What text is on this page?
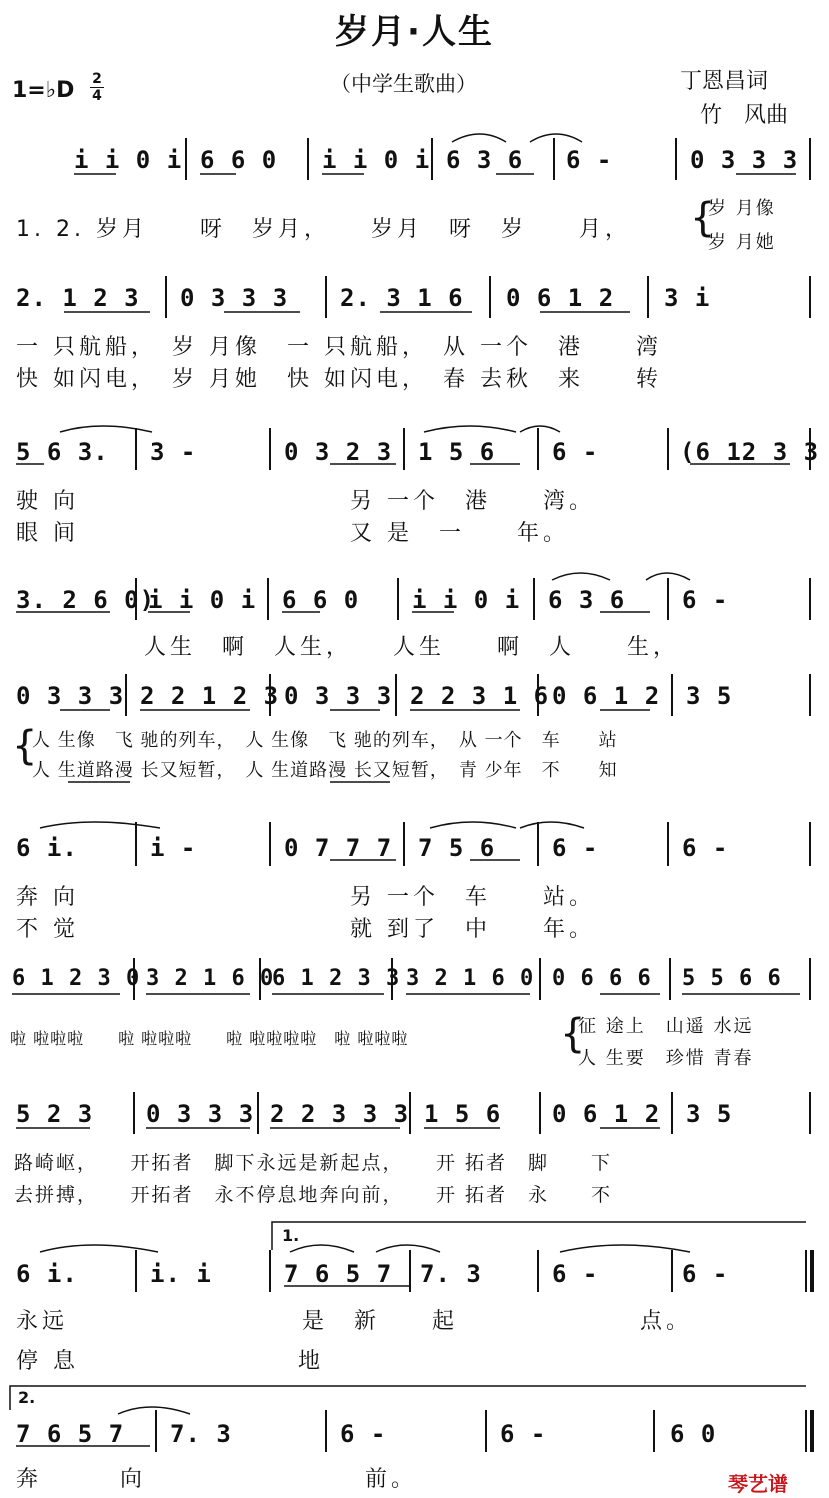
岁月·人生
1=♭D 2
4	（中学生歌曲）	丁恩昌词
竹　风曲
i i 0 i 6 6 0 i i 0 i 6 3 6 6 -	0 3 3 3
1. 2. 岁月　　呀　岁月，　　岁月　呀　岁　　月，
岁 月像
岁 月她
{
2. 1 2 3 0 3 3 3 2. 3 1 6 0 6 1 2 3 i
一 只航船，　岁 月像　一 只航船，　从 一个　港　　湾
快 如闪电，　岁 月她　快 如闪电，　春 去秋　来　　转
5 6 3. 3 -	0 3 2 3 1 5 6 6 -	(6 12 3 3
驶 向　　　　　　　　　　 另 一个　港　　湾。
眼 间　　　　　　　　　　 又 是　一　　年。
3. 2 6 0)
i i 0 i 6 6 0 i i 0 i 6 3 6 6 -
人生　啊　人生，　　人生　　啊　人　　生，
0 3 3 3 2 2 1 2 3 0 3 3 3 2 2 3 1 6 0 6 1 2 3 5
人 生像　飞 驰的列车，　人 生像　飞 驰的列车，　从 一个　车　　站
人 生道路漫 长又短暂，　人 生道路漫 长又短暂，　青 少年　不　　知
{
6 i.	i -	0 7 7 7 7 5 6 6 -	6 -
奔 向　　　　　　　　　　 另 一个　车　　站。
不 觉　　　　　　　　　　 就 到了　中　　年。
6 1 2 3 0 3 2 1 6 0
6 1 2 3 3 3 2 1 6 0 0 6 6 6 5 5 6 6
啦 啦啦啦　　啦 啦啦啦　　啦 啦啦啦啦　啦 啦啦啦
征 途上　山遥 水远
人 生要　珍惜 青春
{
5 2 3 0 3 3 3 2 2 3 3 3 1 5 6 0 6 1 2 3 5
路崎岖，　　开拓者　脚下永远是新起点，　　开 拓者　脚　　下
去拼搏，　　开拓者　永不停息地奔向前，　　开 拓者　永　　不
6 i.	i. i	7 6 5 7 7. 3	6 -	6 -
永远　　　　　　　　　是　新　　起　　　　　　　点。
停 息　　　　　　　　 地
1.
7 6 5 7 7. 3	6 -	6 -	6 0
奔　　　向　　　　　　　　 前。
2.
琴艺谱
